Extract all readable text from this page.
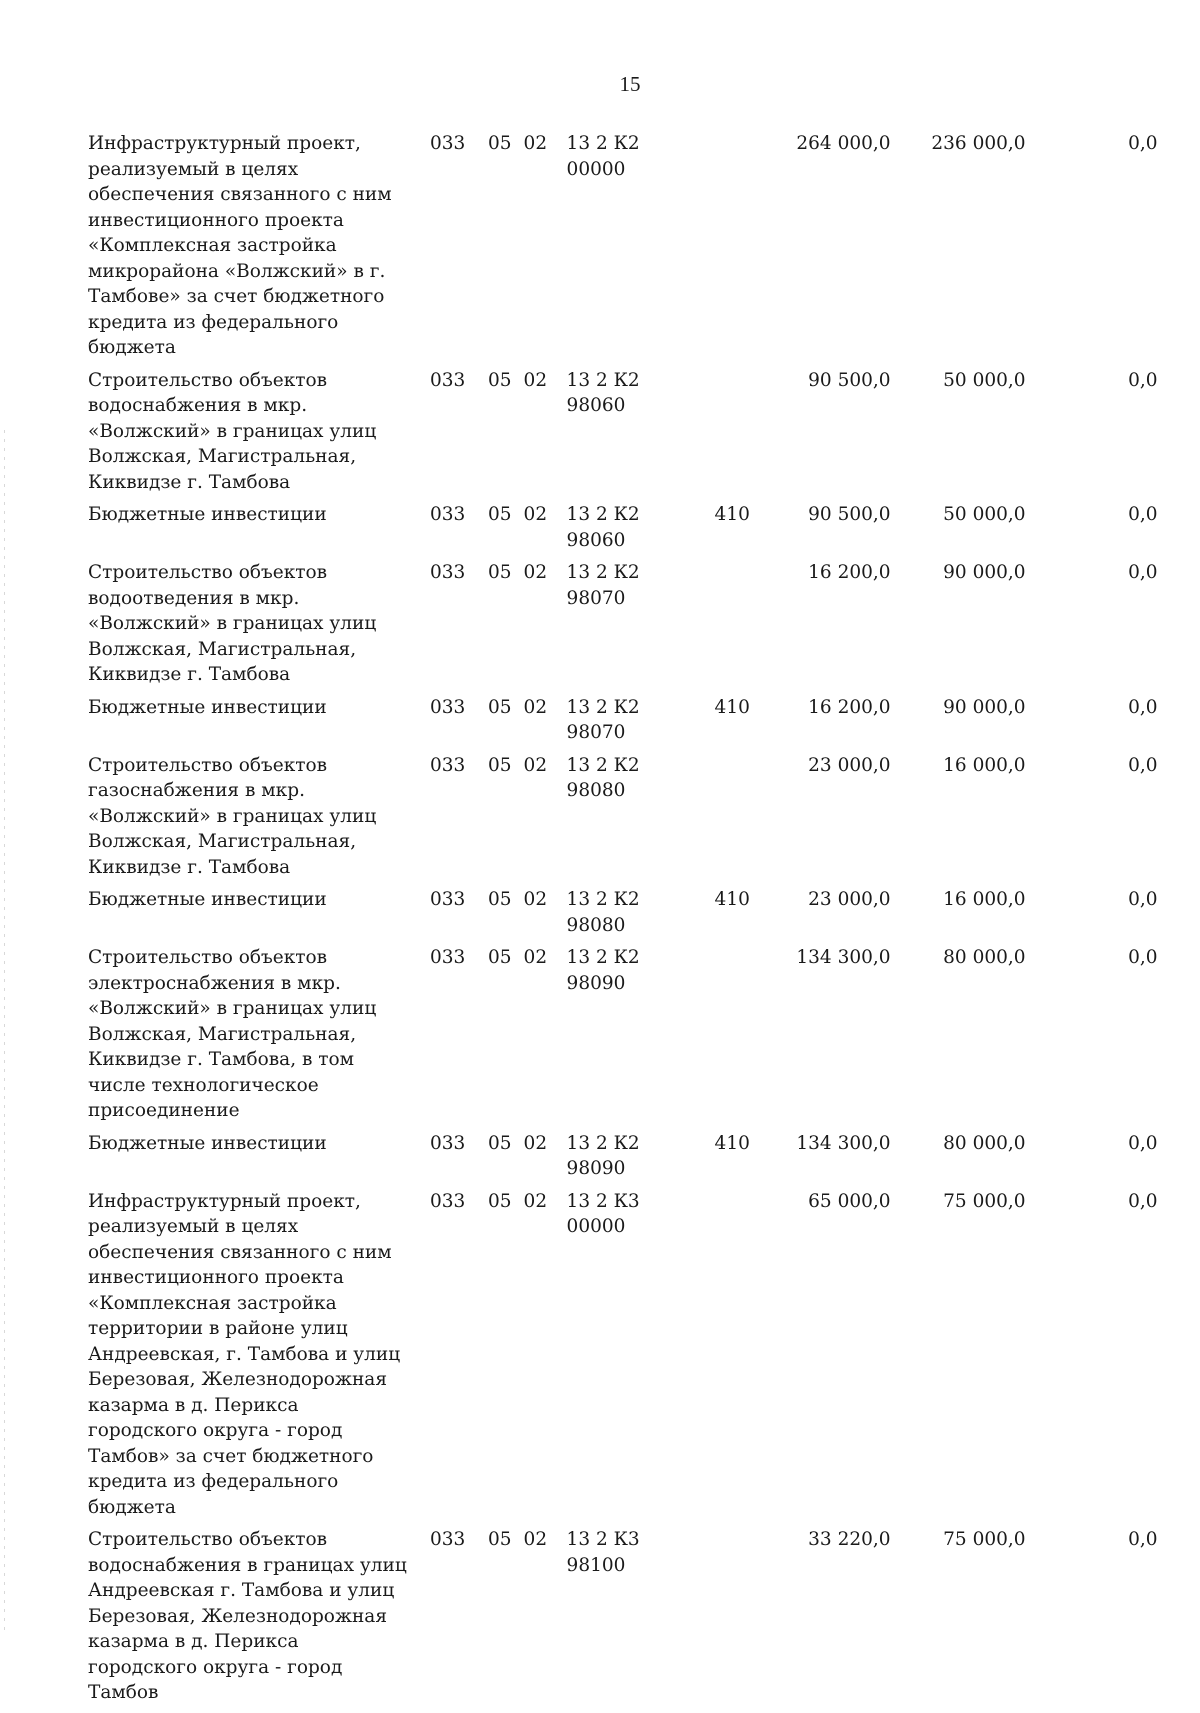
15
Инфраструктурный проект, реализуемый в целях обеспечения связанного с ним инвестиционного проекта «Комплексная застройка микрорайона «Волжский» в г. Тамбове» за счет бюджетного кредита из федерального бюджета	033	05	02	13 2 К2 00000		264 000,0	236 000,0	0,0
Строительство объектов водоснабжения в мкр. «Волжский» в границах улиц Волжская, Магистральная, Киквидзе г. Тамбова	033	05	02	13 2 К2 98060		90 500,0	50 000,0	0,0
Бюджетные инвестиции	033	05	02	13 2 К2 98060	410	90 500,0	50 000,0	0,0
Строительство объектов водоотведения в мкр. «Волжский» в границах улиц Волжская, Магистральная, Киквидзе г. Тамбова	033	05	02	13 2 К2 98070		16 200,0	90 000,0	0,0
Бюджетные инвестиции	033	05	02	13 2 К2 98070	410	16 200,0	90 000,0	0,0
Строительство объектов газоснабжения в мкр. «Волжский» в границах улиц Волжская, Магистральная, Киквидзе г. Тамбова	033	05	02	13 2 К2 98080		23 000,0	16 000,0	0,0
Бюджетные инвестиции	033	05	02	13 2 К2 98080	410	23 000,0	16 000,0	0,0
Строительство объектов электроснабжения в мкр. «Волжский» в границах улиц Волжская, Магистральная, Киквидзе г. Тамбова, в том числе технологическое присоединение	033	05	02	13 2 К2 98090		134 300,0	80 000,0	0,0
Бюджетные инвестиции	033	05	02	13 2 К2 98090	410	134 300,0	80 000,0	0,0
Инфраструктурный проект, реализуемый в целях обеспечения связанного с ним инвестиционного проекта «Комплексная застройка территории в районе улиц Андреевская, г. Тамбова и улиц Березовая, Железнодорожная казарма в д. Перикса городского округа - город Тамбов» за счет бюджетного кредита из федерального бюджета	033	05	02	13 2 К3 00000		65 000,0	75 000,0	0,0
Строительство объектов водоснабжения в границах улиц Андреевская г. Тамбова и улиц Березовая, Железнодорожная казарма в д. Перикса городского округа - город Тамбов	033	05	02	13 2 К3 98100		33 220,0	75 000,0	0,0
